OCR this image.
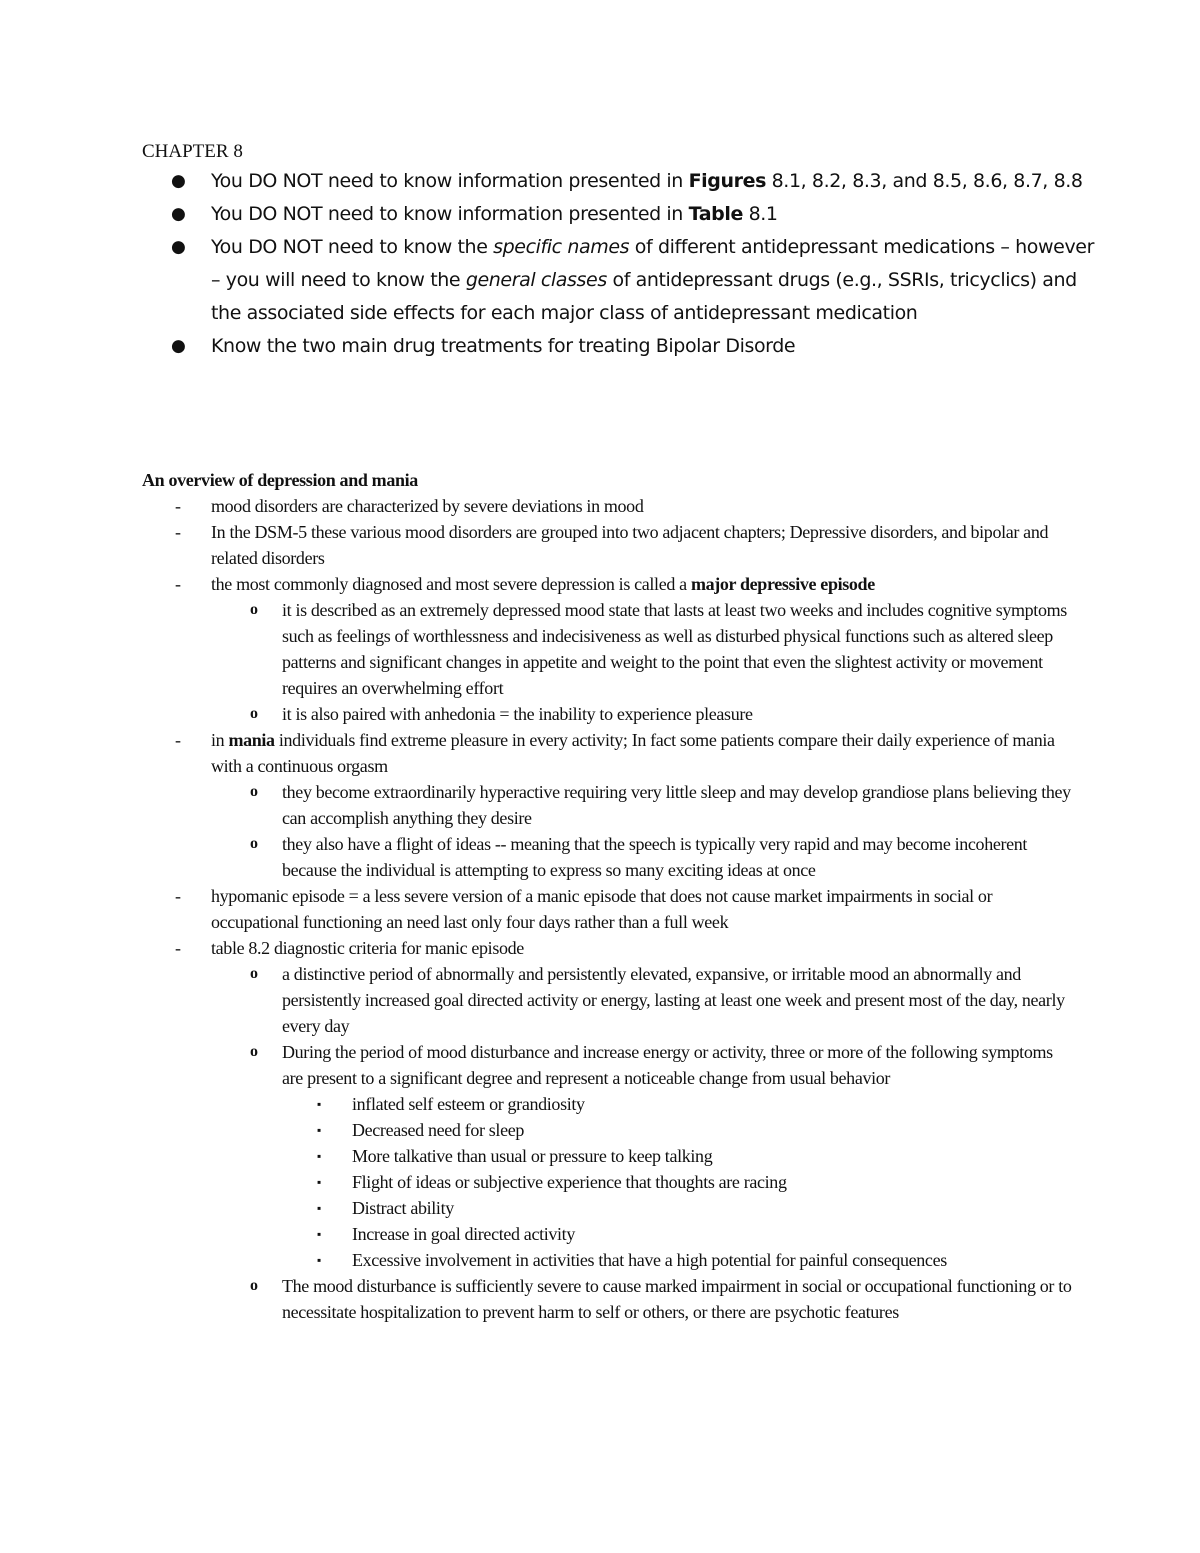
CHAPTER 8
● You DO NOT need to know information presented in Figures 8.1, 8.2, 8.3, and 8.5, 8.6, 8.7, 8.8
● You DO NOT need to know information presented in Table 8.1
● You DO NOT need to know the specific names of different antidepressant medications – however – you will need to know the general classes of antidepressant drugs (e.g., SSRIs, tricyclics) and the associated side effects for each major class of antidepressant medication
● Know the two main drug treatments for treating Bipolar Disorde
An overview of depression and mania
- mood disorders are characterized by severe deviations in mood
- In the DSM-5 these various mood disorders are grouped into two adjacent chapters; Depressive disorders, and bipolar and related disorders
- the most commonly diagnosed and most severe depression is called a major depressive episode
o it is described as an extremely depressed mood state that lasts at least two weeks and includes cognitive symptoms such as feelings of worthlessness and indecisiveness as well as disturbed physical functions such as altered sleep patterns and significant changes in appetite and weight to the point that even the slightest activity or movement requires an overwhelming effort
o it is also paired with anhedonia = the inability to experience pleasure
- in mania individuals find extreme pleasure in every activity; In fact some patients compare their daily experience of mania with a continuous orgasm
o they become extraordinarily hyperactive requiring very little sleep and may develop grandiose plans believing they can accomplish anything they desire
o they also have a flight of ideas -- meaning that the speech is typically very rapid and may become incoherent because the individual is attempting to express so many exciting ideas at once
- hypomanic episode = a less severe version of a manic episode that does not cause market impairments in social or occupational functioning an need last only four days rather than a full week
- table 8.2 diagnostic criteria for manic episode
o a distinctive period of abnormally and persistently elevated, expansive, or irritable mood an abnormally and persistently increased goal directed activity or energy, lasting at least one week and present most of the day, nearly every day
o During the period of mood disturbance and increase energy or activity, three or more of the following symptoms are present to a significant degree and represent a noticeable change from usual behavior
▪ inflated self esteem or grandiosity
▪ Decreased need for sleep
▪ More talkative than usual or pressure to keep talking
▪ Flight of ideas or subjective experience that thoughts are racing
▪ Distract ability
▪ Increase in goal directed activity
▪ Excessive involvement in activities that have a high potential for painful consequences
o The mood disturbance is sufficiently severe to cause marked impairment in social or occupational functioning or to necessitate hospitalization to prevent harm to self or others, or there are psychotic features
